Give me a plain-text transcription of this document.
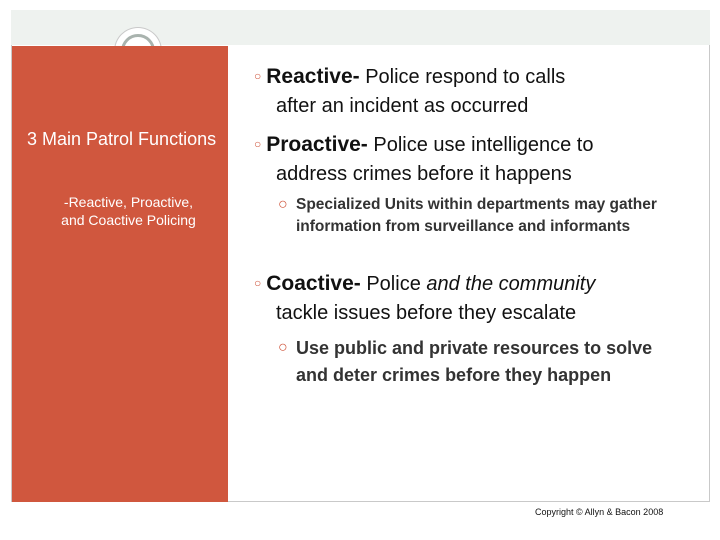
3 Main Patrol Functions
-Reactive, Proactive,
and Coactive Policing
○ Reactive- Police respond to calls
after an incident as occurred
○ Proactive- Police use intelligence to
address crimes before it happens
○ Specialized Units within departments may gather information from surveillance and informants
○ Coactive- Police and the community
tackle issues before they escalate
○ Use public and private resources to solve and deter crimes before they happen
Copyright © Allyn & Bacon 2008
